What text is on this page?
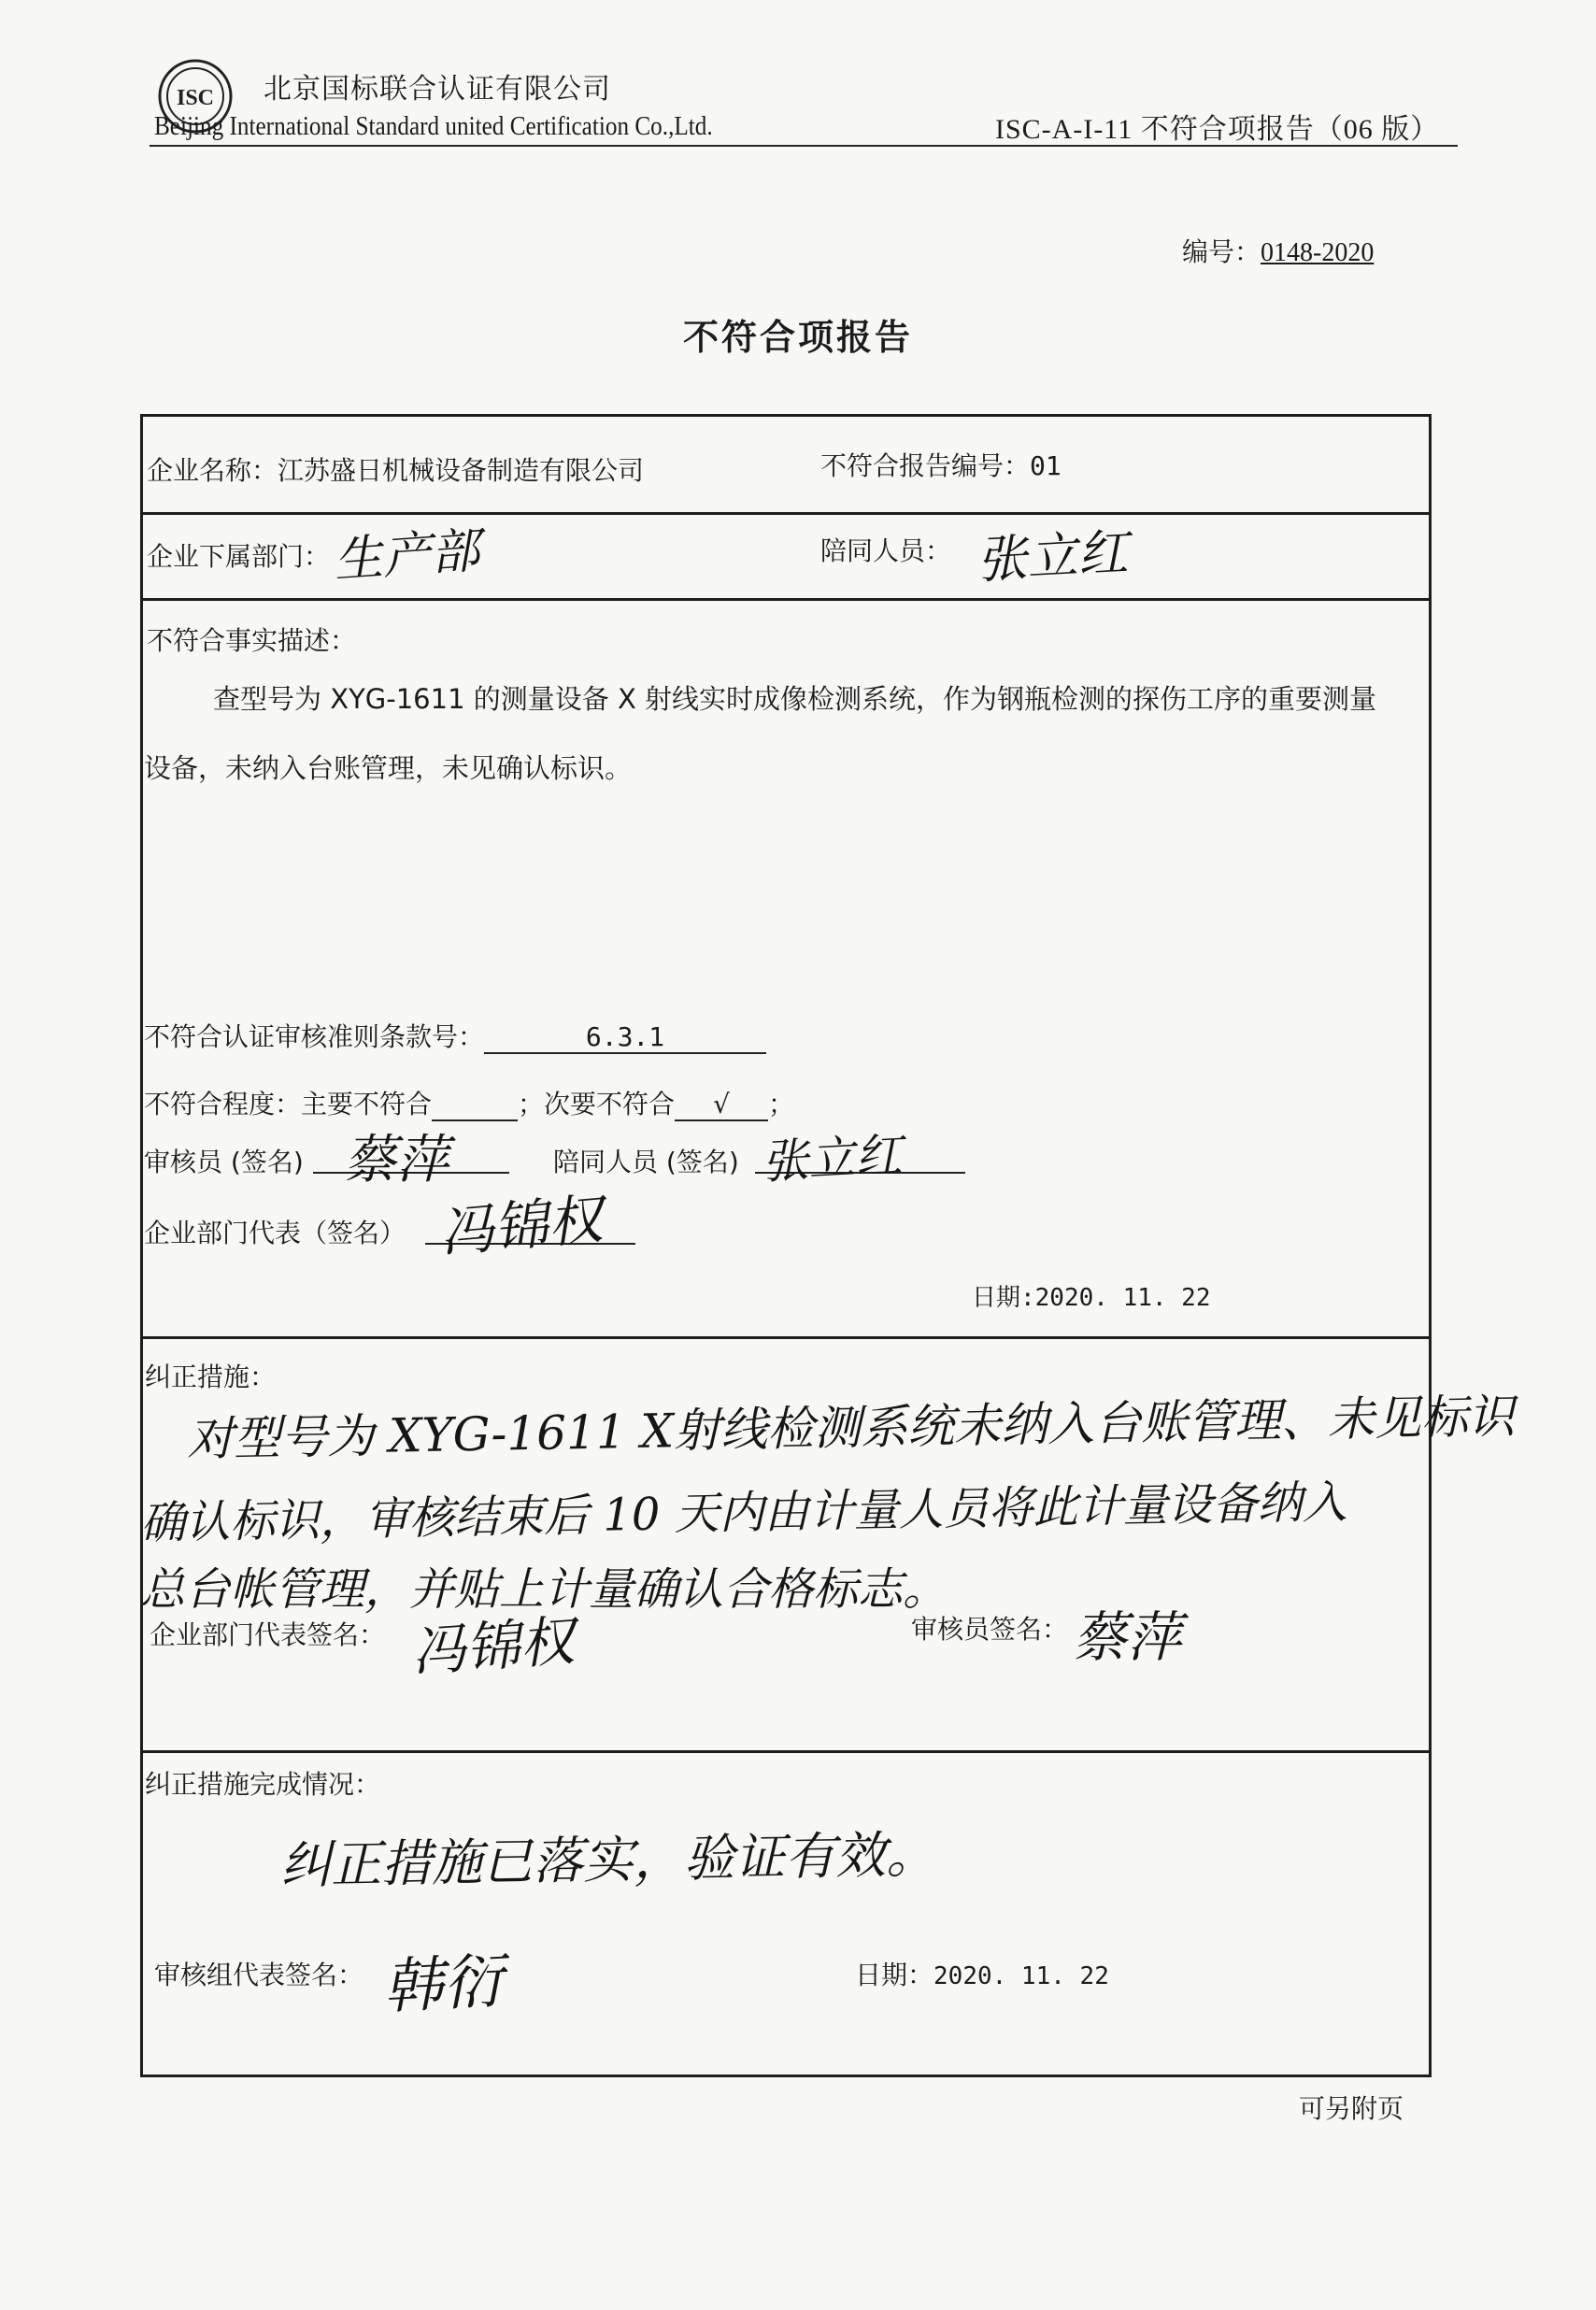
ISC 北京国标联合认证有限公司
Beijing International Standard united Certification Co.,Ltd.	ISC-A-I-11 不符合项报告（06 版）
编号：0148-2020
不符合项报告
企业名称：江苏盛日机械设备制造有限公司	不符合报告编号：01
企业下属部门： 生产部	陪同人员： 张立红
不符合事实描述：
查型号为 XYG-1611 的测量设备 X 射线实时成像检测系统，作为钢瓶检测的探伤工序的重要测量
设备，未纳入台账管理，未见确认标识。
不符合认证审核准则条款号：	6.3.1
不符合程度：主要不符合	；次要不符合 √ ；
审核员 (签名) 蔡萍	陪同人员 (签名) 张立红
企业部门代表（签名） 冯锦权
日期:2020. 11. 22
纠正措施：
对型号为 XYG-1611 X射线检测系统未纳入台账管理、未见标识
确认标识，审核结束后 10 天内由计量人员将此计量设备纳入
总台帐管理，并贴上计量确认合格标志。
企业部门代表签名： 冯锦权	审核员签名： 蔡萍
纠正措施完成情况：
纠正措施已落实，验证有效。
审核组代表签名： 韩衍	日期：2020. 11. 22
可另附页
